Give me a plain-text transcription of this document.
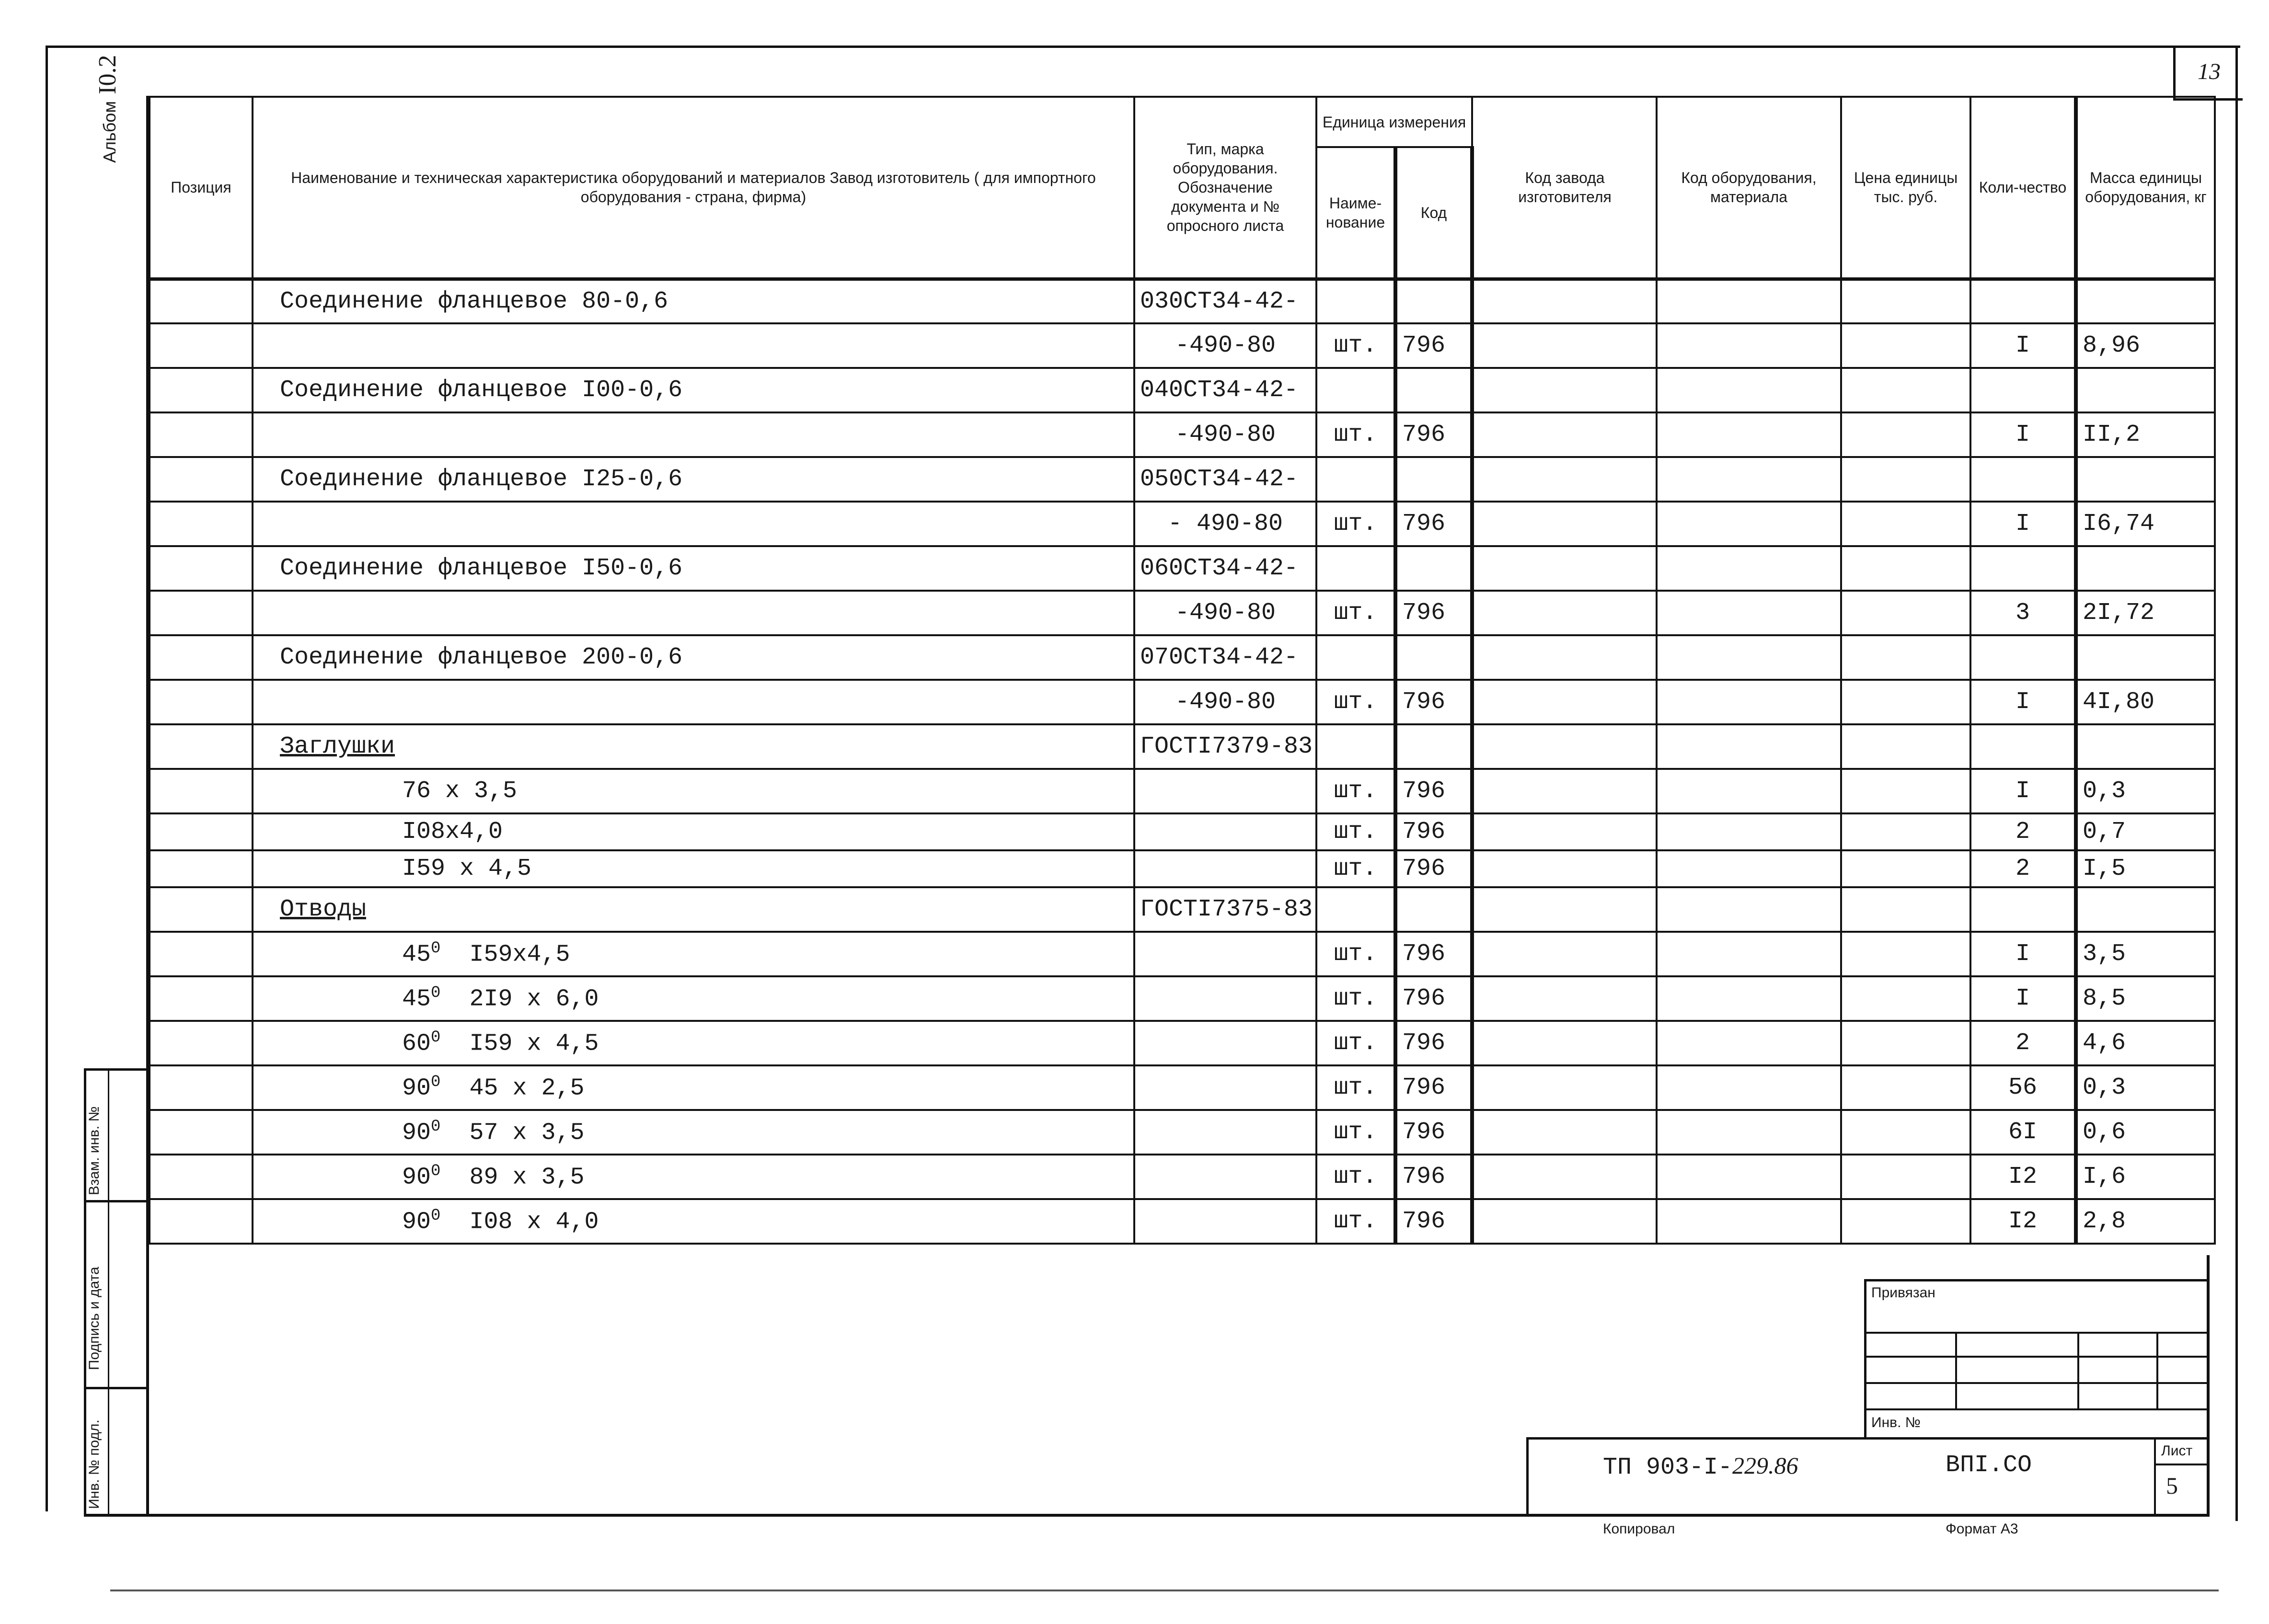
13
АльбомI0.2
Позиция	Наименование и техническая характеристика оборудований и материалов Завод изготовитель ( для импортного оборудования - страна, фирма)	Тип, марка оборудования. Обозначение документа и № опросного листа	Единица измерения		Код завода изготовителя	Код оборудования, материала	Цена единицы тыс. руб.	Коли-чество	Масса единицы оборудования, кг
			Наиме-нование	Код					
	Соединение фланцевое 80-0,6	030СТ34-42-							
		-490-80	шт.	796				I	8,96
	Соединение фланцевое I00-0,6	040СТ34-42-							
		-490-80	шт.	796				I	II,2
	Соединение фланцевое I25-0,6	050СТ34-42-							
		- 490-80	шт.	796				I	I6,74
	Соединение фланцевое I50-0,6	060СТ34-42-							
		-490-80	шт.	796				3	2I,72
	Соединение фланцевое 200-0,6	070СТ34-42-							
		-490-80	шт.	796				I	4I,80
	Заглушки	ГОСТI7379-83							
	76 х 3,5		шт.	796				I	0,3
	I08х4,0		шт.	796				2	0,7
	I59 х 4,5		шт.	796				2	I,5
	Отводы	ГОСТI7375-83							
	$45^0$ I59х4,5		шт.	796				I	3,5
	$45^0$ 2I9 х 6,0		шт.	796				I	8,5
	$60^0$ I59 х 4,5		шт.	796				2	4,6
	$90^0$ 45 х 2,5		шт.	796				56	0,3
	$90^0$ 57 х 3,5		шт.	796				6I	0,6
	$90^0$ 89 х 3,5		шт.	796				I2	I,6
	$90^0$ I08 х 4,0		шт.	796				I2	2,8
Взам. инв. №
Подпись и дата
Инв. № подл.
Привязан
Инв. №
ТП 903-I-229.86	ВПI.СО
Лист
5
Копировал	Формат А3
